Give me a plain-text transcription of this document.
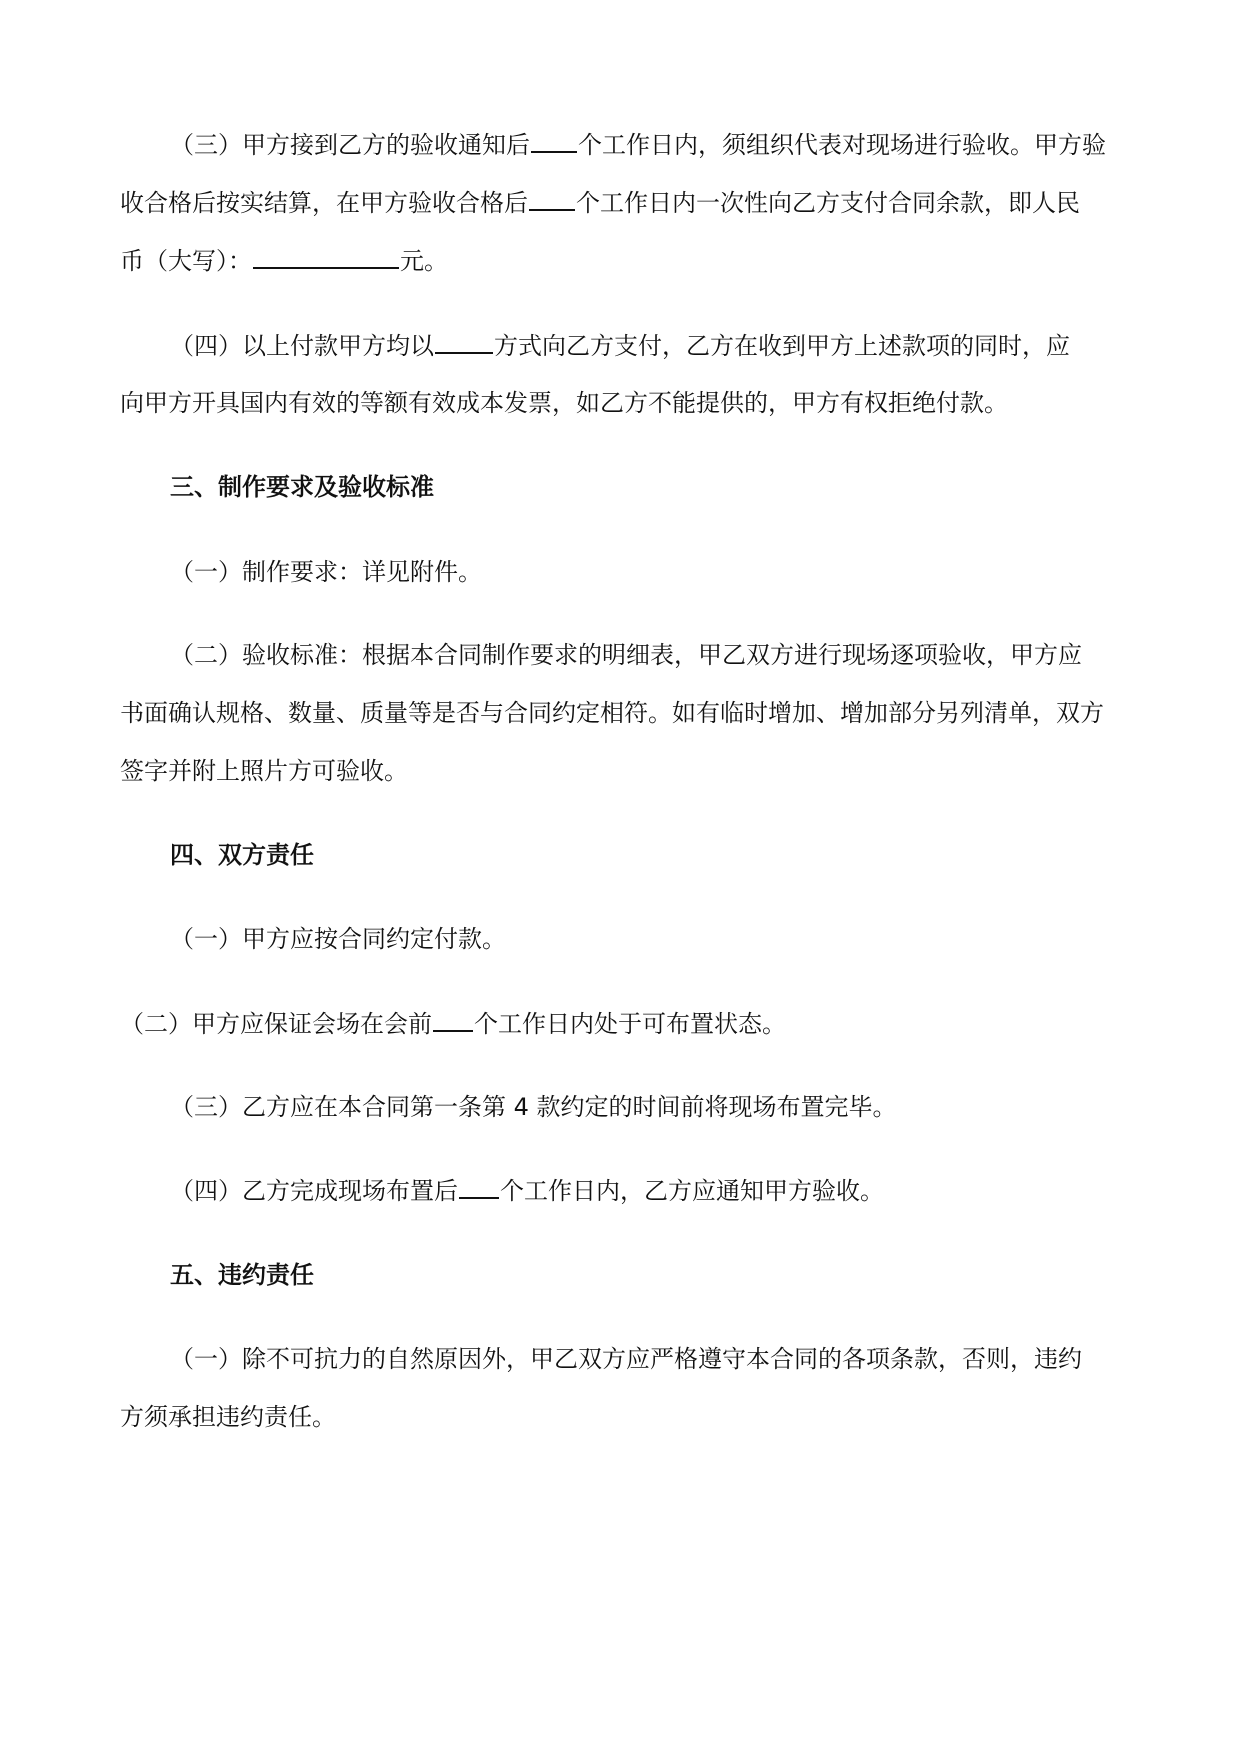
（三）甲方接到乙方的验收通知后 个工作日内，须组织代表对现场进行验收。甲方验
收合格后按实结算，在甲方验收合格后 个工作日内一次性向乙方支付合同余款，即人民
币（大写）：	元。
（四）以上付款甲方均以	方式向乙方支付，乙方在收到甲方上述款项的同时，应
向甲方开具国内有效的等额有效成本发票，如乙方不能提供的，甲方有权拒绝付款。
三、制作要求及验收标准
（一）制作要求：详见附件。
（二）验收标准：根据本合同制作要求的明细表，甲乙双方进行现场逐项验收，甲方应
书面确认规格、数量、质量等是否与合同约定相符。如有临时增加、增加部分另列清单，双方
签字并附上照片方可验收。
四、双方责任
（一）甲方应按合同约定付款。
（二）甲方应保证会场在会前 个工作日内处于可布置状态。
（三）乙方应在本合同第一条第 4 款约定的时间前将现场布置完毕。
（四）乙方完成现场布置后 个工作日内，乙方应通知甲方验收。
五、违约责任
（一）除不可抗力的自然原因外，甲乙双方应严格遵守本合同的各项条款，否则，违约
方须承担违约责任。
